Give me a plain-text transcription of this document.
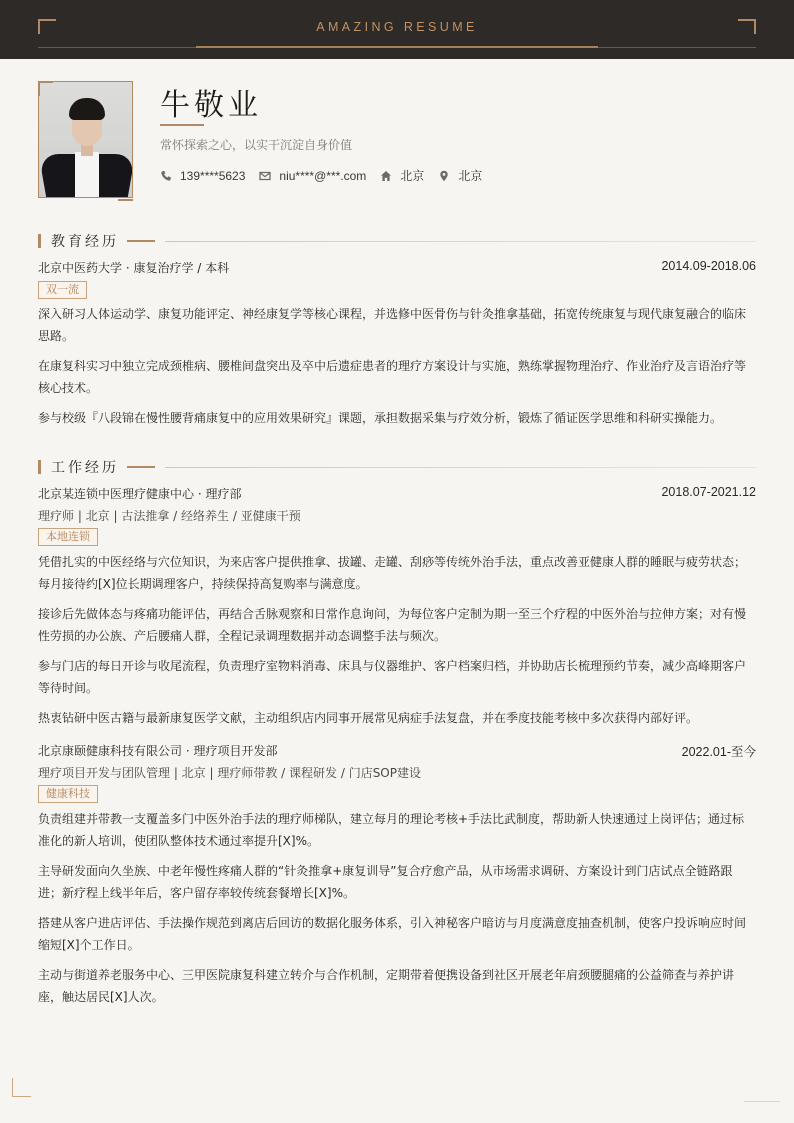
AMAZING RESUME
牛敬业
常怀探索之心，以实干沉淀自身价值
139****5623	niu****@***.com	北京	北京
教育经历
北京中医药大学 · 康复治疗学 / 本科	2014.09-2018.06
双一流
深入研习人体运动学、康复功能评定、神经康复学等核心课程，并选修中医骨伤与针灸推拿基础，拓宽传统康复与现代康复融合的临床思路。
在康复科实习中独立完成颈椎病、腰椎间盘突出及卒中后遗症患者的理疗方案设计与实施，熟练掌握物理治疗、作业治疗及言语治疗等核心技术。
参与校级『八段锦在慢性腰背痛康复中的应用效果研究』课题，承担数据采集与疗效分析，锻炼了循证医学思维和科研实操能力。
工作经历
北京某连锁中医理疗健康中心 · 理疗部	2018.07-2021.12
理疗师 | 北京 | 古法推拿 / 经络养生 / 亚健康干预
本地连锁
凭借扎实的中医经络与穴位知识，为来店客户提供推拿、拔罐、走罐、刮痧等传统外治手法，重点改善亚健康人群的睡眠与疲劳状态；每月接待约[X]位长期调理客户，持续保持高复购率与满意度。
接诊后先做体态与疼痛功能评估，再结合舌脉观察和日常作息询问，为每位客户定制为期一至三个疗程的中医外治与拉伸方案；对有慢性劳损的办公族、产后腰痛人群，全程记录调理数据并动态调整手法与频次。
参与门店的每日开诊与收尾流程，负责理疗室物料消毒、床具与仪器维护、客户档案归档，并协助店长梳理预约节奏，减少高峰期客户等待时间。
热衷钻研中医古籍与最新康复医学文献，主动组织店内同事开展常见病症手法复盘，并在季度技能考核中多次获得内部好评。
北京康颐健康科技有限公司 · 理疗项目开发部	2022.01-至今
理疗项目开发与团队管理 | 北京 | 理疗师带教 / 课程研发 / 门店SOP建设
健康科技
负责组建并带教一支覆盖多门中医外治手法的理疗师梯队，建立每月的理论考核+手法比武制度，帮助新人快速通过上岗评估；通过标准化的新人培训，使团队整体技术通过率提升[X]%。
主导研发面向久坐族、中老年慢性疼痛人群的“针灸推拿+康复训导”复合疗愈产品，从市场需求调研、方案设计到门店试点全链路跟进；新疗程上线半年后，客户留存率较传统套餐增长[X]%。
搭建从客户进店评估、手法操作规范到离店后回访的数据化服务体系，引入神秘客户暗访与月度满意度抽查机制，使客户投诉响应时间缩短[X]个工作日。
主动与街道养老服务中心、三甲医院康复科建立转介与合作机制，定期带着便携设备到社区开展老年肩颈腰腿痛的公益筛查与养护讲座，触达居民[X]人次。
